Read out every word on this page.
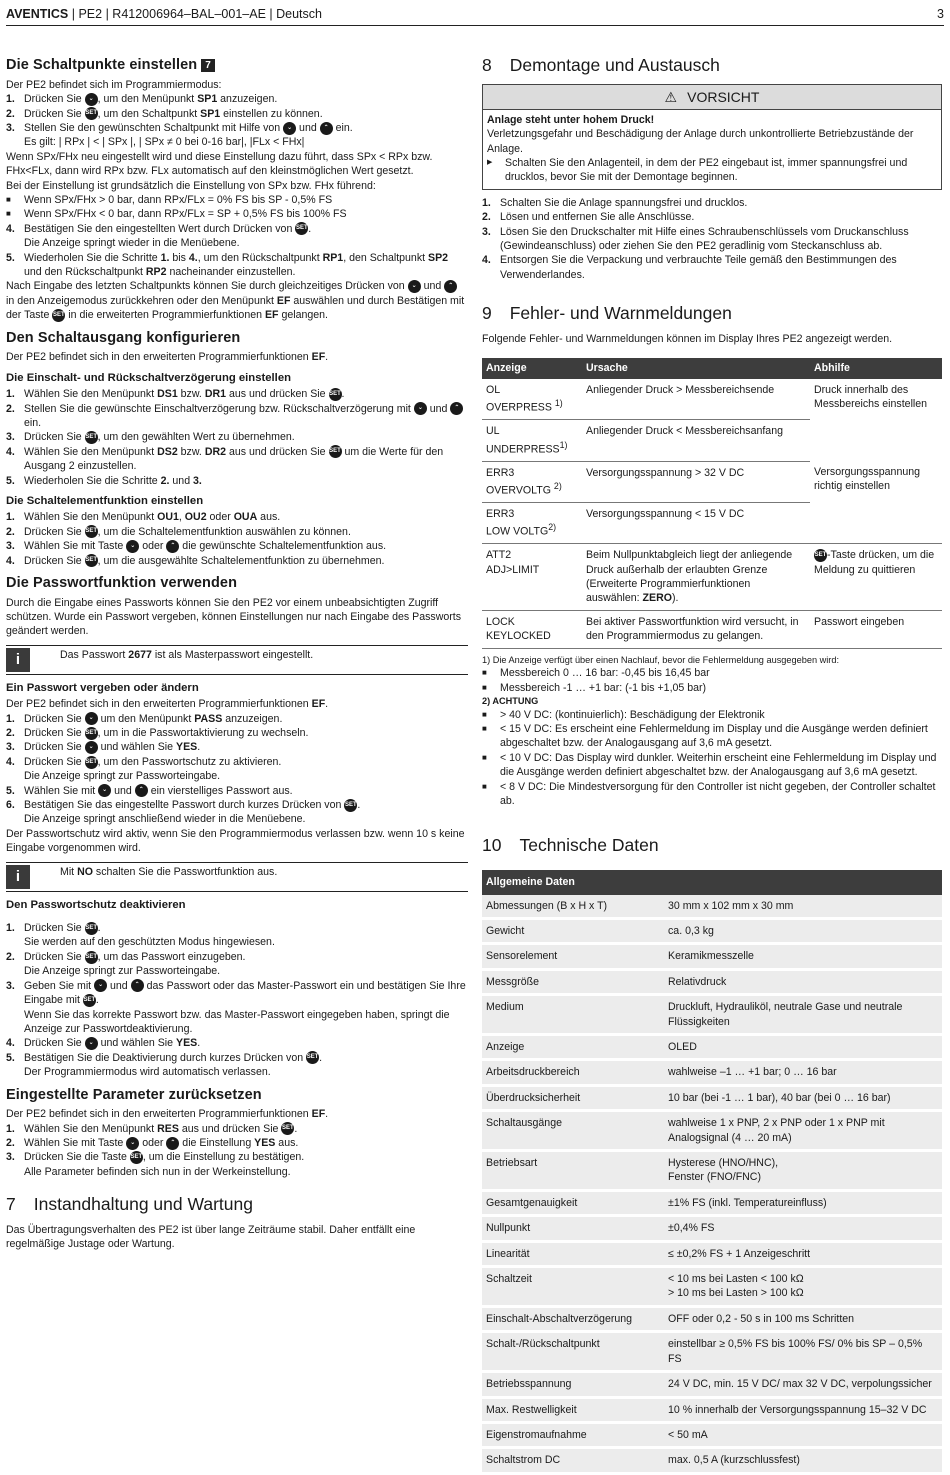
AVENTICS | PE2 | R412006964–BAL–001–AE | Deutsch	3
Die Schaltpunkte einstellen 7

Der PE2 befindet sich im Programmiermodus:

1. Drücken Sie ⌄ , um den Menüpunkt SP1 anzuzeigen.
2. Drücken Sie SET, um den Schaltpunkt SP1 einstellen zu können.
3. Stellen Sie den gewünschten Schaltpunkt mit Hilfe von ⌄ und ⌃ ein.

Es gilt: | RPx | < | SPx |, | SPx ≠ 0 bei 0-16 bar|, |FLx < FHx|

Wenn SPx/FHx neu eingestellt wird und diese Einstellung dazu führt, dass SPx < RPx bzw. FHx<FLx, dann wird RPx bzw. FLx automatisch auf den kleinstmöglichen Wert gesetzt.

Bei der Einstellung ist grundsätzlich die Einstellung von SPx bzw. FHx führend:

■	Wenn SPx/FHx > 0 bar, dann RPx/FLx = 0% FS bis SP - 0,5% FS
■	Wenn SPx/FHx < 0 bar, dann RPx/FLx = SP + 0,5% FS bis 100% FS
4. Bestätigen Sie den eingestellten Wert durch Drücken von SET.

Die Anzeige springt wieder in die Menüebene.

5. Wiederholen Sie die Schritte 1. bis 4., um den Rückschaltpunkt RP1, den Schaltpunkt SP2 und den Rückschaltpunkt RP2 nacheinander einzustellen.

Nach Eingabe des letzten Schaltpunkts können Sie durch gleichzeitiges Drücken von ⌄ und ⌃ in den Anzeigemodus zurückkehren oder den Menüpunkt EF auswählen und durch Bestätigen mit der Taste SET in die erweiterten Programmierfunktionen EF gelangen.

Den Schaltausgang konfigurieren

Der PE2 befindet sich in den erweiterten Programmierfunktionen EF.

Die Einschalt- und Rückschaltverzögerung einstellen
1. Wählen Sie den Menüpunkt DS1 bzw. DR1 aus und drücken Sie SET.
2. Stellen Sie die gewünschte Einschaltverzögerung bzw. Rückschaltverzögerung mit ⌄ und ⌃ ein.
3. Drücken Sie SET, um den gewählten Wert zu übernehmen.
4. Wählen Sie den Menüpunkt DS2 bzw. DR2 aus und drücken Sie SET um die Werte für den Ausgang 2 einzustellen.
5. Wiederholen Sie die Schritte 2. und 3.
Die Schaltelementfunktion einstellen
1. Wählen Sie den Menüpunkt OU1, OU2 oder OUA aus.
2. Drücken Sie SET, um die Schaltelementfunktion auswählen zu können.
3. Wählen Sie mit Taste ⌄ oder ⌃ die gewünschte Schaltelementfunktion aus.
4. Drücken Sie SET, um die ausgewählte Schaltelementfunktion zu übernehmen.
Die Passwortfunktion verwenden

Durch die Eingabe eines Passworts können Sie den PE2 vor einem unbeabsichtigten Zugriff schützen. Wurde ein Passwort vergeben, können Einstellungen nur nach Eingabe des Passworts geändert werden.

i	Das Passwort 2677 ist als Masterpasswort eingestellt.
Ein Passwort vergeben oder ändern

Der PE2 befindet sich in den erweiterten Programmierfunktionen EF.

1. Drücken Sie ⌄ um den Menüpunkt PASS anzuzeigen.
2. Drücken Sie SET, um in die Passwortaktivierung zu wechseln.
3. Drücken Sie ⌄ und wählen Sie YES.
4. Drücken Sie SET, um den Passwortschutz zu aktivieren.

Die Anzeige springt zur Passworteingabe.

5. Wählen Sie mit ⌄ und ⌃ ein vierstelliges Passwort aus.
6. Bestätigen Sie das eingestellte Passwort durch kurzes Drücken von SET.

Die Anzeige springt anschließend wieder in die Menüebene.

Der Passwortschutz wird aktiv, wenn Sie den Programmiermodus verlassen bzw. wenn 10 s keine Eingabe vorgenommen wird.

i	Mit NO schalten Sie die Passwortfunktion aus.
Den Passwortschutz deaktivieren
1. Drücken Sie SET.

Sie werden auf den geschützten Modus hingewiesen.

2. Drücken Sie SET, um das Passwort einzugeben.

Die Anzeige springt zur Passworteingabe.

3. Geben Sie mit ⌄ und ⌃ das Passwort oder das Master-Passwort ein und bestätigen Sie Ihre Eingabe mit SET.

Wenn Sie das korrekte Passwort bzw. das Master-Passwort eingegeben haben, springt die Anzeige zur Passwortdeaktivierung.

4. Drücken Sie ⌄ und wählen Sie YES.
5. Bestätigen Sie die Deaktivierung durch kurzes Drücken von SET.

Der Programmiermodus wird automatisch verlassen.

Eingestellte Parameter zurücksetzen

Der PE2 befindet sich in den erweiterten Programmierfunktionen EF.

1. Wählen Sie den Menüpunkt RES aus und drücken Sie SET.
2. Wählen Sie mit Taste ⌄ oder ⌃ die Einstellung YES aus.
3. Drücken Sie die Taste SET, um die Einstellung zu bestätigen.

Alle Parameter befinden sich nun in der Werkeinstellung.

7 Instandhaltung und Wartung

Das Übertragungsverhalten des PE2 ist über lange Zeiträume stabil. Daher entfällt eine regelmäßige Justage oder Wartung.

8 Demontage und Austausch
⚠ VORSICHT

Anlage steht unter hohem Druck!

Verletzungsgefahr und Beschädigung der Anlage durch unkontrollierte Betriebzustände der Anlage.

▶	Schalten Sie den Anlagenteil, in dem der PE2 eingebaut ist, immer spannungsfrei und drucklos, bevor Sie mit der Demontage beginnen.
1. Schalten Sie die Anlage spannungsfrei und drucklos.
2. Lösen und entfernen Sie alle Anschlüsse.
3. Lösen Sie den Druckschalter mit Hilfe eines Schraubenschlüssels vom Druckanschluss (Gewindeanschluss) oder ziehen Sie den PE2 geradlinig vom Steckanschluss ab.
4. Entsorgen Sie die Verpackung und verbrauchte Teile gemäß den Bestimmungen des Verwenderlandes.
9 Fehler- und Warnmeldungen

Folgende Fehler- und Warnmeldungen können im Display Ihres PE2 angezeigt werden.

Anzeige	Ursache	Abhilfe
OL
OVERPRESS $^{1)}$	Anliegender Druck > Messbereichsende	Druck innerhalb des Messbereichs einstellen
UL
UNDERPRESS$^{1)}$	Anliegender Druck < Messbereichsanfang	
ERR3
OVERVOLTG $^{2)}$	Versorgungsspannung > 32 V DC	Versorgungsspannung richtig einstellen
ERR3
LOW VOLTG$^{2)}$	Versorgungsspannung < 15 V DC	
ATT2
ADJ>LIMIT	Beim Nullpunktabgleich liegt der anliegende Druck außerhalb der erlaubten Grenze (Erweiterte Programmierfunktionen auswählen: ZERO).	SET-Taste drücken, um die Meldung zu quittieren
LOCK
KEYLOCKED	Bei aktiver Passwortfunktion wird versucht, in den Programmiermodus zu gelangen.	Passwort eingeben

1) Die Anzeige verfügt über einen Nachlauf, bevor die Fehlermeldung ausgegeben wird:

■	Messbereich 0 … 16 bar: -0,45 bis 16,45 bar
■	Messbereich -1 … +1 bar: (-1 bis +1,05 bar)

2) ACHTUNG

■	> 40 V DC: (kontinuierlich): Beschädigung der Elektronik
■	< 15 V DC: Es erscheint eine Fehlermeldung im Display und die Ausgänge werden definiert abgeschaltet bzw. der Analogausgang auf 3,6 mA gesetzt.
■	< 10 V DC: Das Display wird dunkler. Weiterhin erscheint eine Fehlermeldung im Display und die Ausgänge werden definiert abgeschaltet bzw. der Analogausgang auf 3,6 mA gesetzt.
■	< 8 V DC: Die Mindestversorgung für den Controller ist nicht gegeben, der Controller schaltet ab.
10 Technische Daten
Allgemeine Daten	
Abmessungen (B x H x T)	30 mm x 102 mm x 30 mm
Gewicht	ca. 0,3 kg
Sensorelement	Keramikmesszelle
Messgröße	Relativdruck
Medium	Druckluft, Hydrauliköl, neutrale Gase und neutrale Flüssigkeiten
Anzeige	OLED
Arbeitsdruckbereich	wahlweise –1 … +1 bar; 0 … 16 bar
Überdrucksicherheit	10 bar (bei -1 … 1 bar), 40 bar (bei 0 … 16 bar)
Schaltausgänge	wahlweise 1 x PNP, 2 x PNP oder 1 x PNP mit Analogsignal (4 … 20 mA)
Betriebsart	Hysterese (HNO/HNC),
Fenster (FNO/FNC)
Gesamtgenauigkeit	±1% FS (inkl. Temperatureinfluss)
Nullpunkt	±0,4% FS
Linearität	≤ ±0,2% FS + 1 Anzeigeschritt
Schaltzeit	< 10 ms bei Lasten < 100 kΩ
> 10 ms bei Lasten > 100 kΩ
Einschalt-Abschaltverzögerung	OFF oder 0,2 - 50 s in 100 ms Schritten
Schalt-/Rückschaltpunkt	einstellbar ≥ 0,5% FS bis 100% FS/ 0% bis SP – 0,5% FS
Betriebsspannung	24 V DC, min. 15 V DC/ max 32 V DC, verpolungssicher
Max. Restwelligkeit	10 % innerhalb der Versorgungsspannung 15–32 V DC
Eigenstromaufnahme	< 50 mA
Schaltstrom DC	max. 0,5 A (kurzschlussfest)
